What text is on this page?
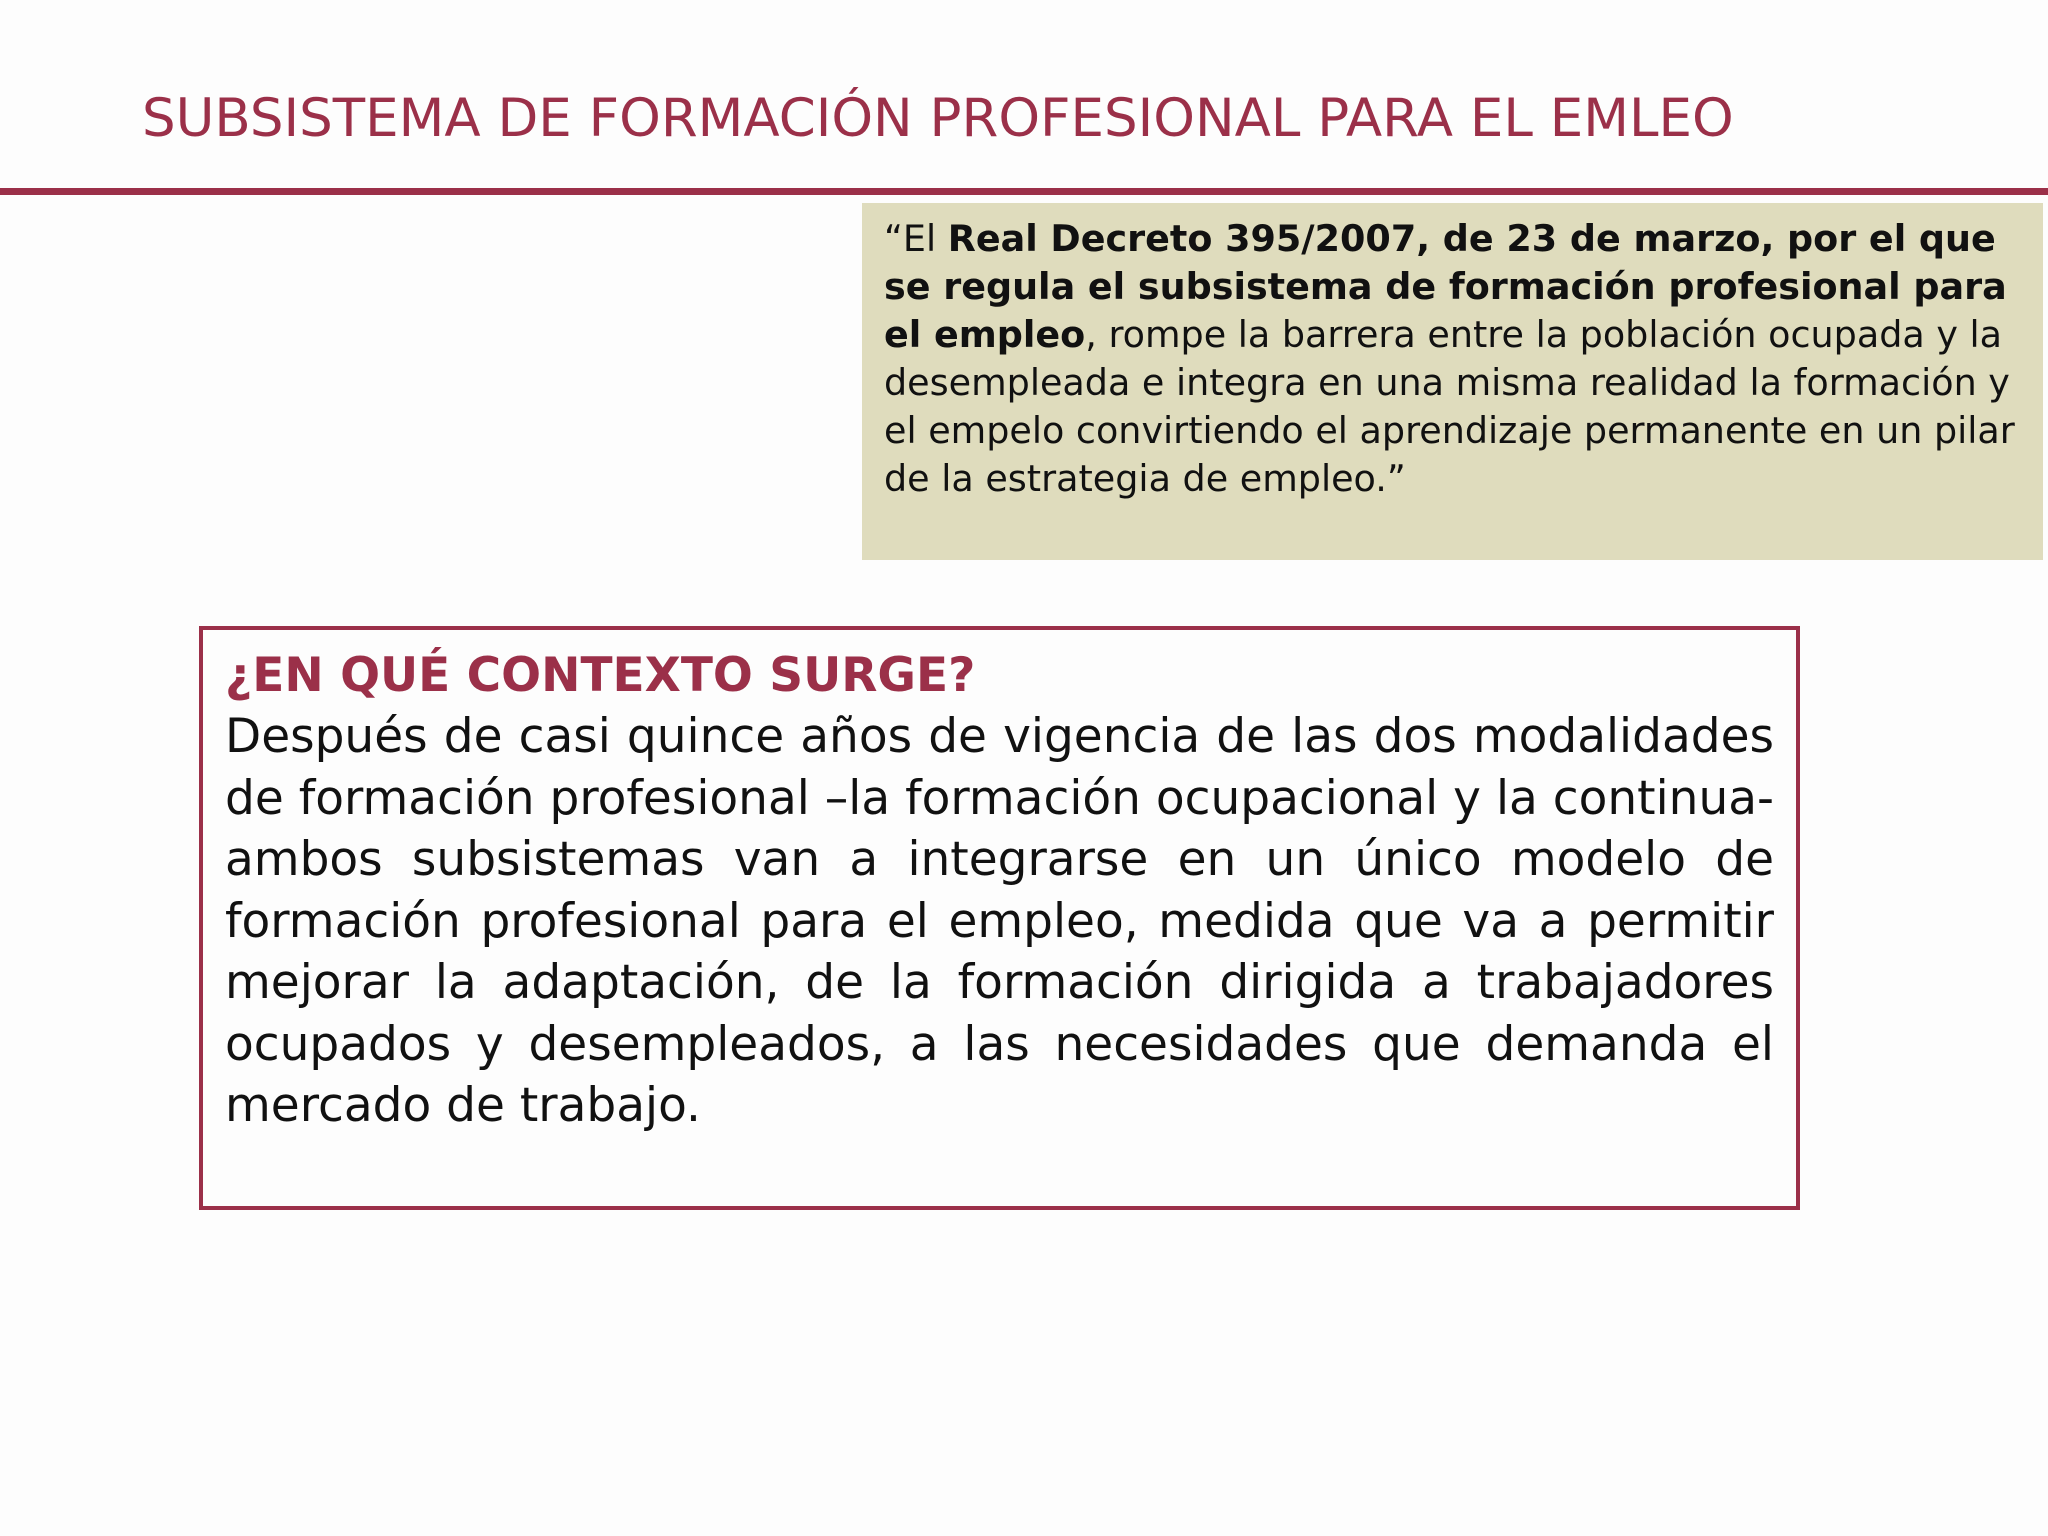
SUBSISTEMA DE FORMACIÓN PROFESIONAL PARA EL EMLEO
“El Real Decreto 395/2007, de 23 de marzo, por el que se regula el subsistema de formación profesional para el empleo, rompe la barrera entre la población ocupada y la desempleada e integra en una misma realidad la formación y el empelo convirtiendo el aprendizaje permanente en un pilar de la estrategia de empleo.”
¿EN QUÉ CONTEXTO SURGE?

Después de casi quince años de vigencia de las dos modalidades de formación profesional –la formación ocupacional y la continua- ambos subsistemas van a integrarse en un único modelo de formación profesional para el empleo, medida que va a permitir mejorar la adaptación, de la formación dirigida a trabajadores ocupados y desempleados, a las necesidades que demanda el mercado de trabajo.
